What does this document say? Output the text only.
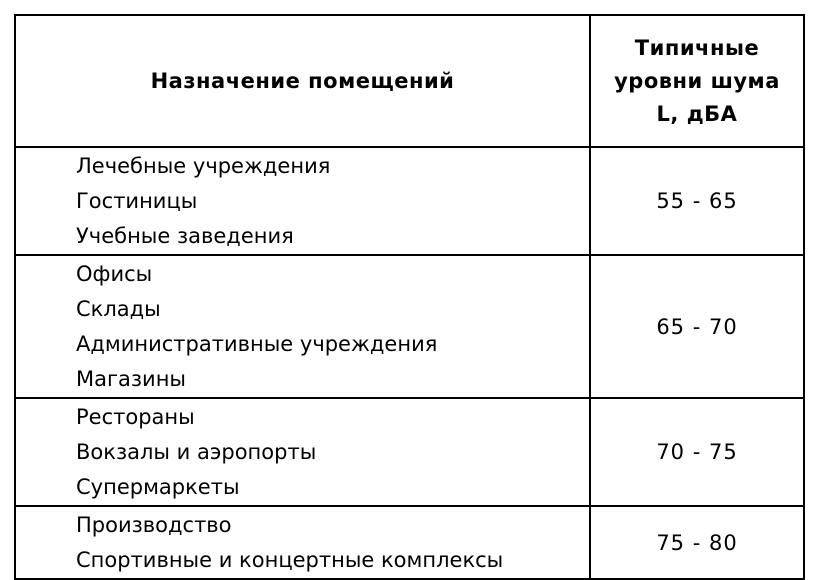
Назначение помещений	Типичные
уровни шума
L, дБА

Лечебные учреждения
Гостиницы
Учебные заведения	55 - 65

Офисы
Склады
Административные учреждения
Магазины	65 - 70

Рестораны
Вокзалы и аэропорты
Супермаркеты	70 - 75

Производство
Спортивные и концертные комплексы	75 - 80
